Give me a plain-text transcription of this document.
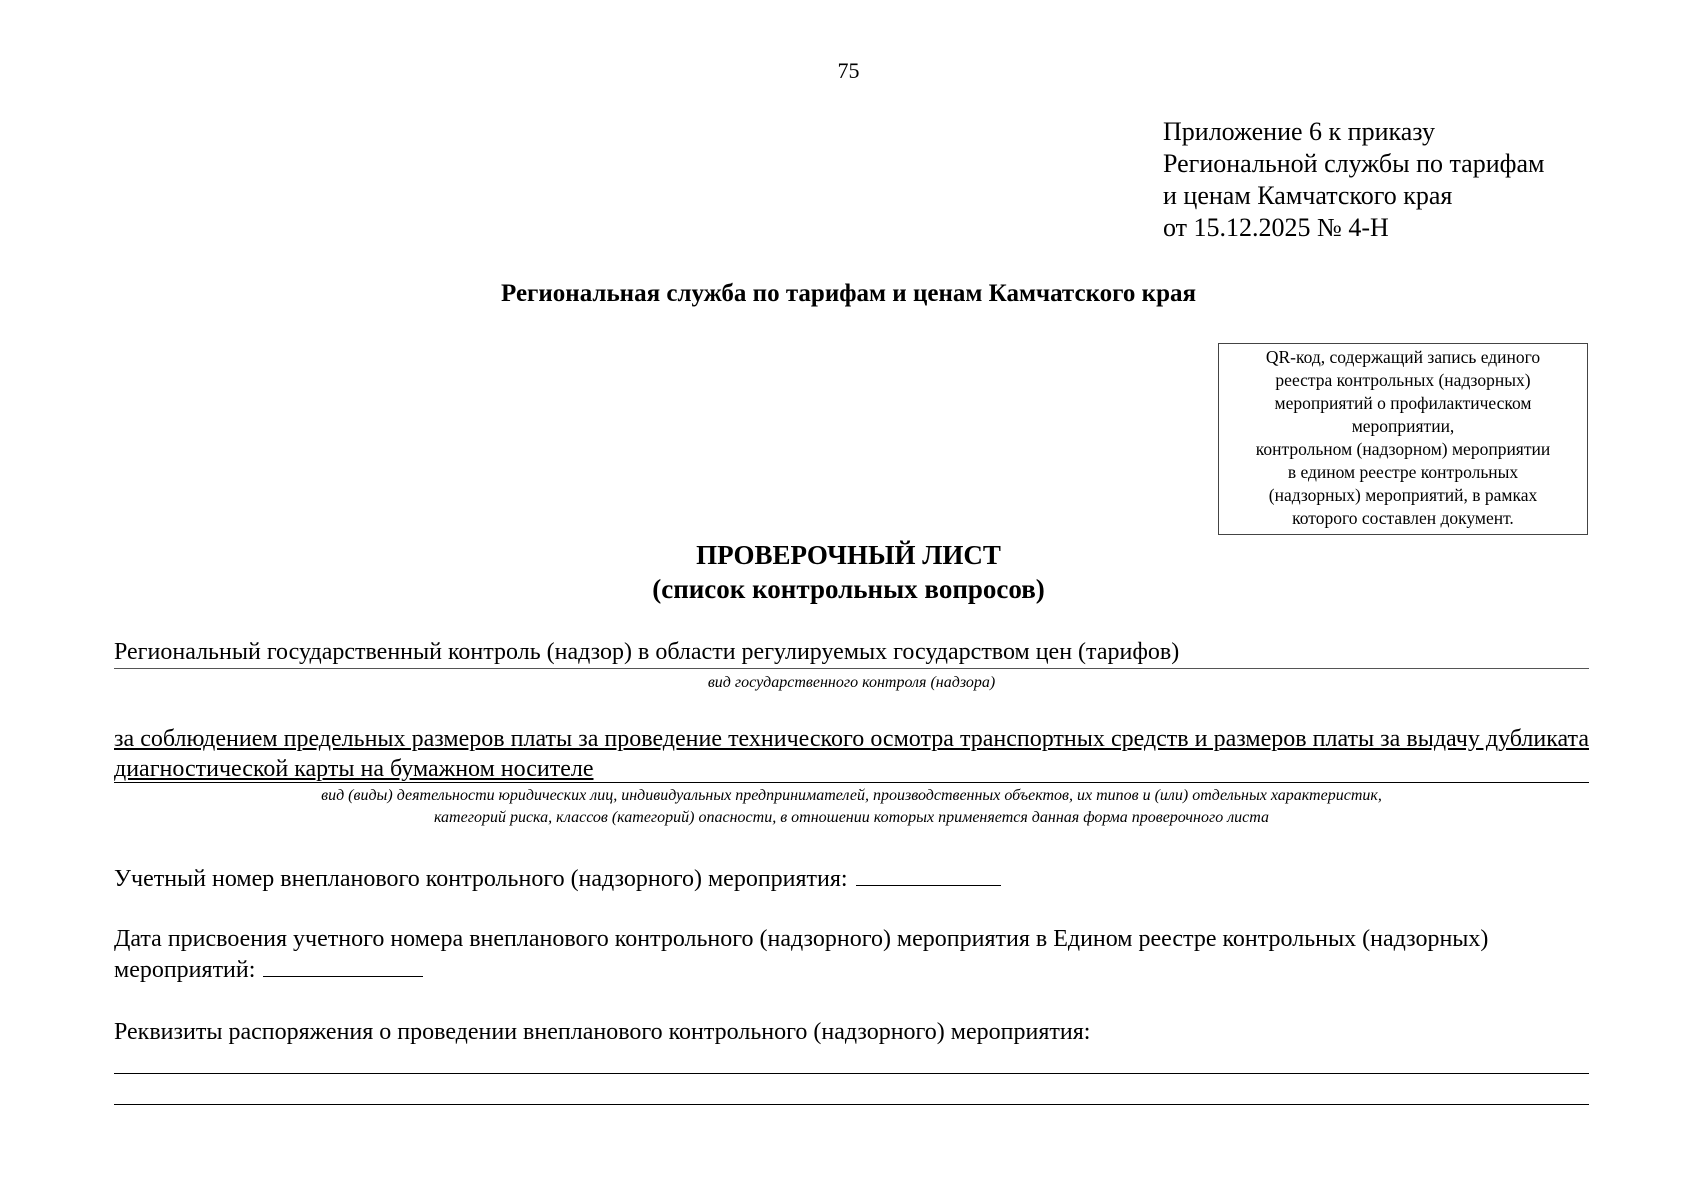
75
Приложение 6 к приказу
Региональной службы по тарифам
и ценам Камчатского края
от 15.12.2025 № 4-Н
Региональная служба по тарифам и ценам Камчатского края
QR-код, содержащий запись единого
реестра контрольных (надзорных)
мероприятий о профилактическом
мероприятии,
контрольном (надзорном) мероприятии
в едином реестре контрольных
(надзорных) мероприятий, в рамках
которого составлен документ.
ПРОВЕРОЧНЫЙ ЛИСТ
(список контрольных вопросов)
Региональный государственный контроль (надзор) в области регулируемых государством цен (тарифов)
вид государственного контроля (надзора)
за соблюдением предельных размеров платы за проведение технического осмотра транспортных средств и размеров платы за выдачу дубликата диагностической карты на бумажном носителе
вид (виды) деятельности юридических лиц, индивидуальных предпринимателей, производственных объектов, их типов и (или) отдельных характеристик,
категорий риска, классов (категорий) опасности, в отношении которых применяется данная форма проверочного листа
Учетный номер внепланового контрольного (надзорного) мероприятия:
Дата присвоения учетного номера внепланового контрольного (надзорного) мероприятия в Едином реестре контрольных (надзорных) мероприятий:
Реквизиты распоряжения о проведении внепланового контрольного (надзорного) мероприятия:
